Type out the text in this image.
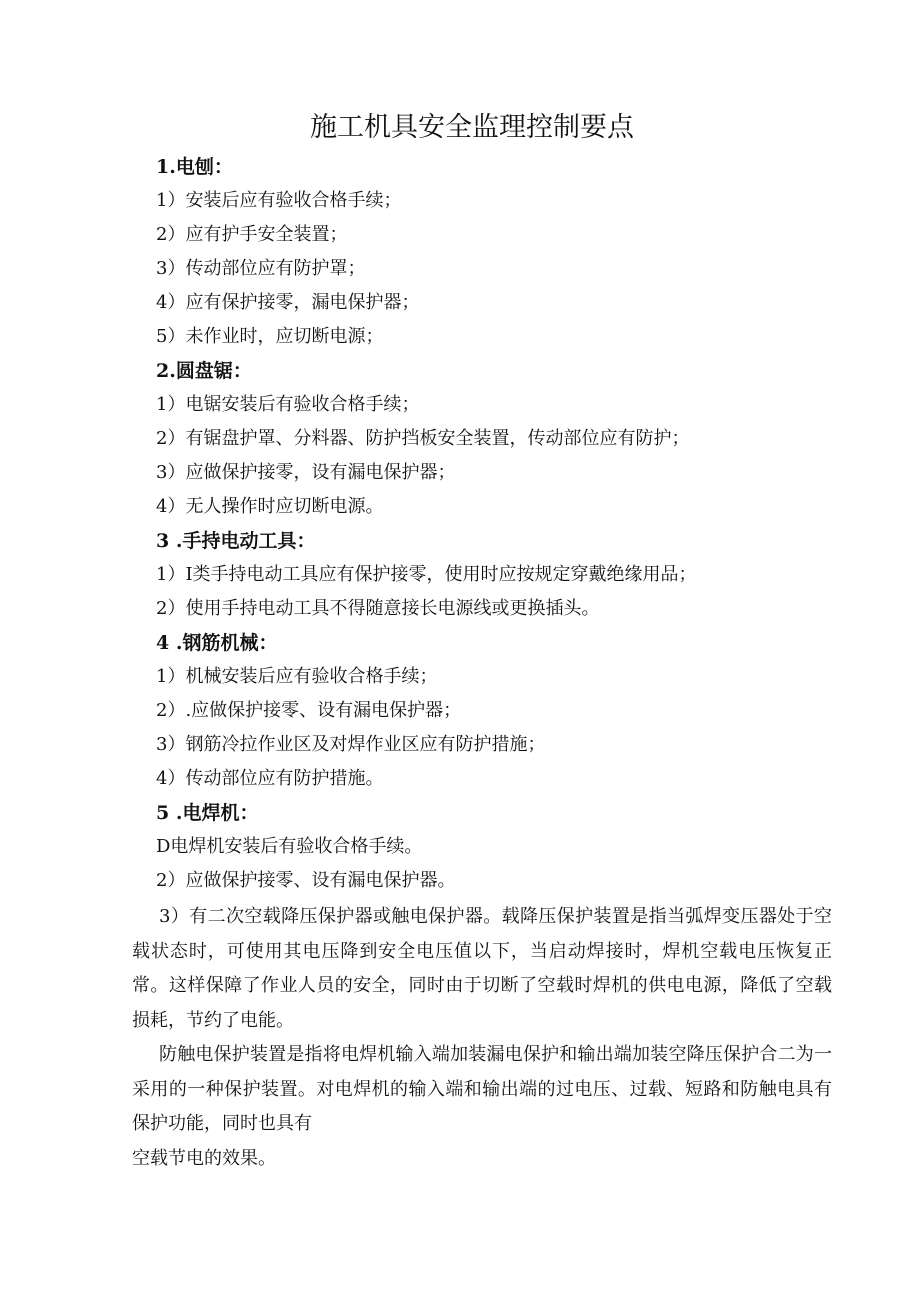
施工机具安全监理控制要点
1.电刨：
1）安装后应有验收合格手续；
2）应有护手安全装置；
3）传动部位应有防护罩；
4）应有保护接零，漏电保护器；
5）未作业时，应切断电源；
2.圆盘锯：
1）电锯安装后有验收合格手续；
2）有锯盘护罩、分料器、防护挡板安全装置，传动部位应有防护；
3）应做保护接零，设有漏电保护器；
4）无人操作时应切断电源。
3 .手持电动工具：
1）I类手持电动工具应有保护接零，使用时应按规定穿戴绝缘用品；
2）使用手持电动工具不得随意接长电源线或更换插头。
4 .钢筋机械：
1）机械安装后应有验收合格手续；
2）.应做保护接零、设有漏电保护器；
3）钢筋冷拉作业区及对焊作业区应有防护措施；
4）传动部位应有防护措施。
5 .电焊机：
D电焊机安装后有验收合格手续。
2）应做保护接零、设有漏电保护器。

3）有二次空载降压保护器或触电保护器。载降压保护装置是指当弧焊变压器处于空载状态时，可使用其电压降到安全电压值以下，当启动焊接时，焊机空载电压恢复正常。这样保障了作业人员的安全，同时由于切断了空载时焊机的供电电源，降低了空载损耗，节约了电能。

防触电保护装置是指将电焊机输入端加装漏电保护和输出端加装空降压保护合二为一采用的一种保护装置。对电焊机的输入端和输出端的过电压、过载、短路和防触电具有保护功能，同时也具有
空载节电的效果。
